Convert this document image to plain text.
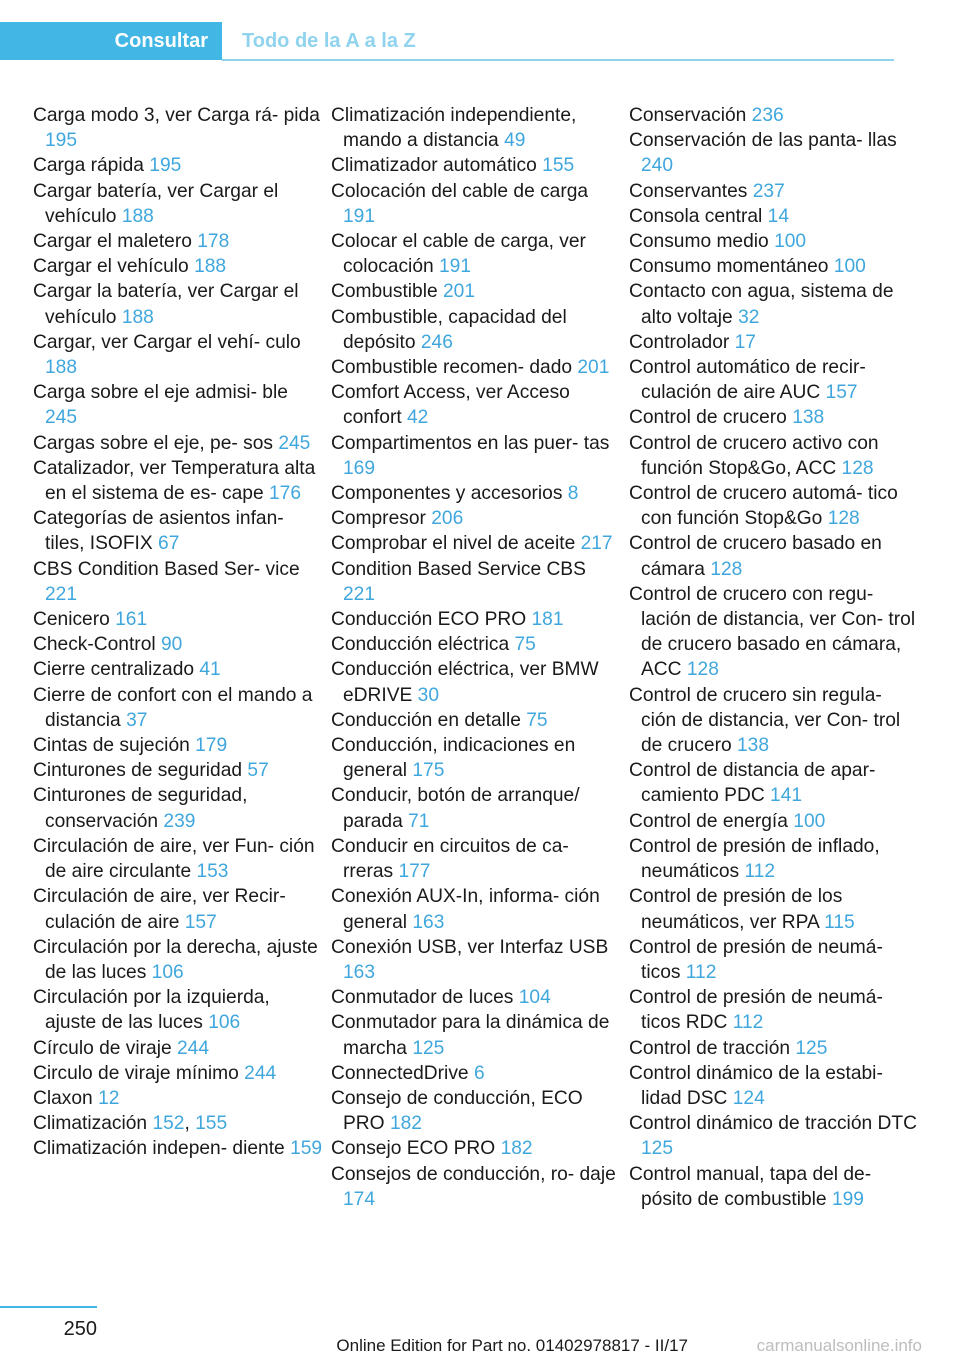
Consultar	Todo de la A a la Z
Carga modo 3, ver Carga rá‐ pida 195
Carga rápida 195
Cargar batería, ver Cargar el vehículo 188
Cargar el maletero 178
Cargar el vehículo 188
Cargar la batería, ver Cargar el vehículo 188
Cargar, ver Cargar el vehí‐ culo 188
Carga sobre el eje admisi‐ ble 245
Cargas sobre el eje, pe‐ sos 245
Catalizador, ver Temperatura alta en el sistema de es‐ cape 176
Categorías de asientos infan‐ tiles, ISOFIX 67
CBS Condition Based Ser‐ vice 221
Cenicero 161
Check-Control 90
Cierre centralizado 41
Cierre de confort con el mando a distancia 37
Cintas de sujeción 179
Cinturones de seguridad 57
Cinturones de seguridad, conservación 239
Circulación de aire, ver Fun‐ ción de aire circulante 153
Circulación de aire, ver Recir‐ culación de aire 157
Circulación por la derecha, ajuste de las luces 106
Circulación por la izquierda, ajuste de las luces 106
Círculo de viraje 244
Circulo de viraje mínimo 244
Claxon 12
Climatización 152, 155
Climatización indepen‐ diente 159
Climatización independiente, mando a distancia 49
Climatizador automático 155
Colocación del cable de carga 191
Colocar el cable de carga, ver colocación 191
Combustible 201
Combustible, capacidad del depósito 246
Combustible recomen‐ dado 201
Comfort Access, ver Acceso confort 42
Compartimentos en las puer‐ tas 169
Componentes y accesorios 8
Compresor 206
Comprobar el nivel de aceite 217
Condition Based Service CBS 221
Conducción ECO PRO 181
Conducción eléctrica 75
Conducción eléctrica, ver BMW eDRIVE 30
Conducción en detalle 75
Conducción, indicaciones en general 175
Conducir, botón de arranque/ parada 71
Conducir en circuitos de ca‐ rreras 177
Conexión AUX-In, informa‐ ción general 163
Conexión USB, ver Interfaz USB 163
Conmutador de luces 104
Conmutador para la dinámica de marcha 125
ConnectedDrive 6
Consejo de conducción, ECO PRO 182
Consejo ECO PRO 182
Consejos de conducción, ro‐ daje 174
Conservación 236
Conservación de las panta‐ llas 240
Conservantes 237
Consola central 14
Consumo medio 100
Consumo momentáneo 100
Contacto con agua, sistema de alto voltaje 32
Controlador 17
Control automático de recir‐ culación de aire AUC 157
Control de crucero 138
Control de crucero activo con función Stop&Go, ACC 128
Control de crucero automá‐ tico con función Stop&Go 128
Control de crucero basado en cámara 128
Control de crucero con regu‐ lación de distancia, ver Con‐ trol de crucero basado en cámara, ACC 128
Control de crucero sin regula‐ ción de distancia, ver Con‐ trol de crucero 138
Control de distancia de apar‐ camiento PDC 141
Control de energía 100
Control de presión de inflado, neumáticos 112
Control de presión de los neumáticos, ver RPA 115
Control de presión de neumá‐ ticos 112
Control de presión de neumá‐ ticos RDC 112
Control de tracción 125
Control dinámico de la estabi‐ lidad DSC 124
Control dinámico de tracción DTC 125
Control manual, tapa del de‐ pósito de combustible 199
250
Online Edition for Part no. 01402978817 - II/17	carmanualsonline.info
